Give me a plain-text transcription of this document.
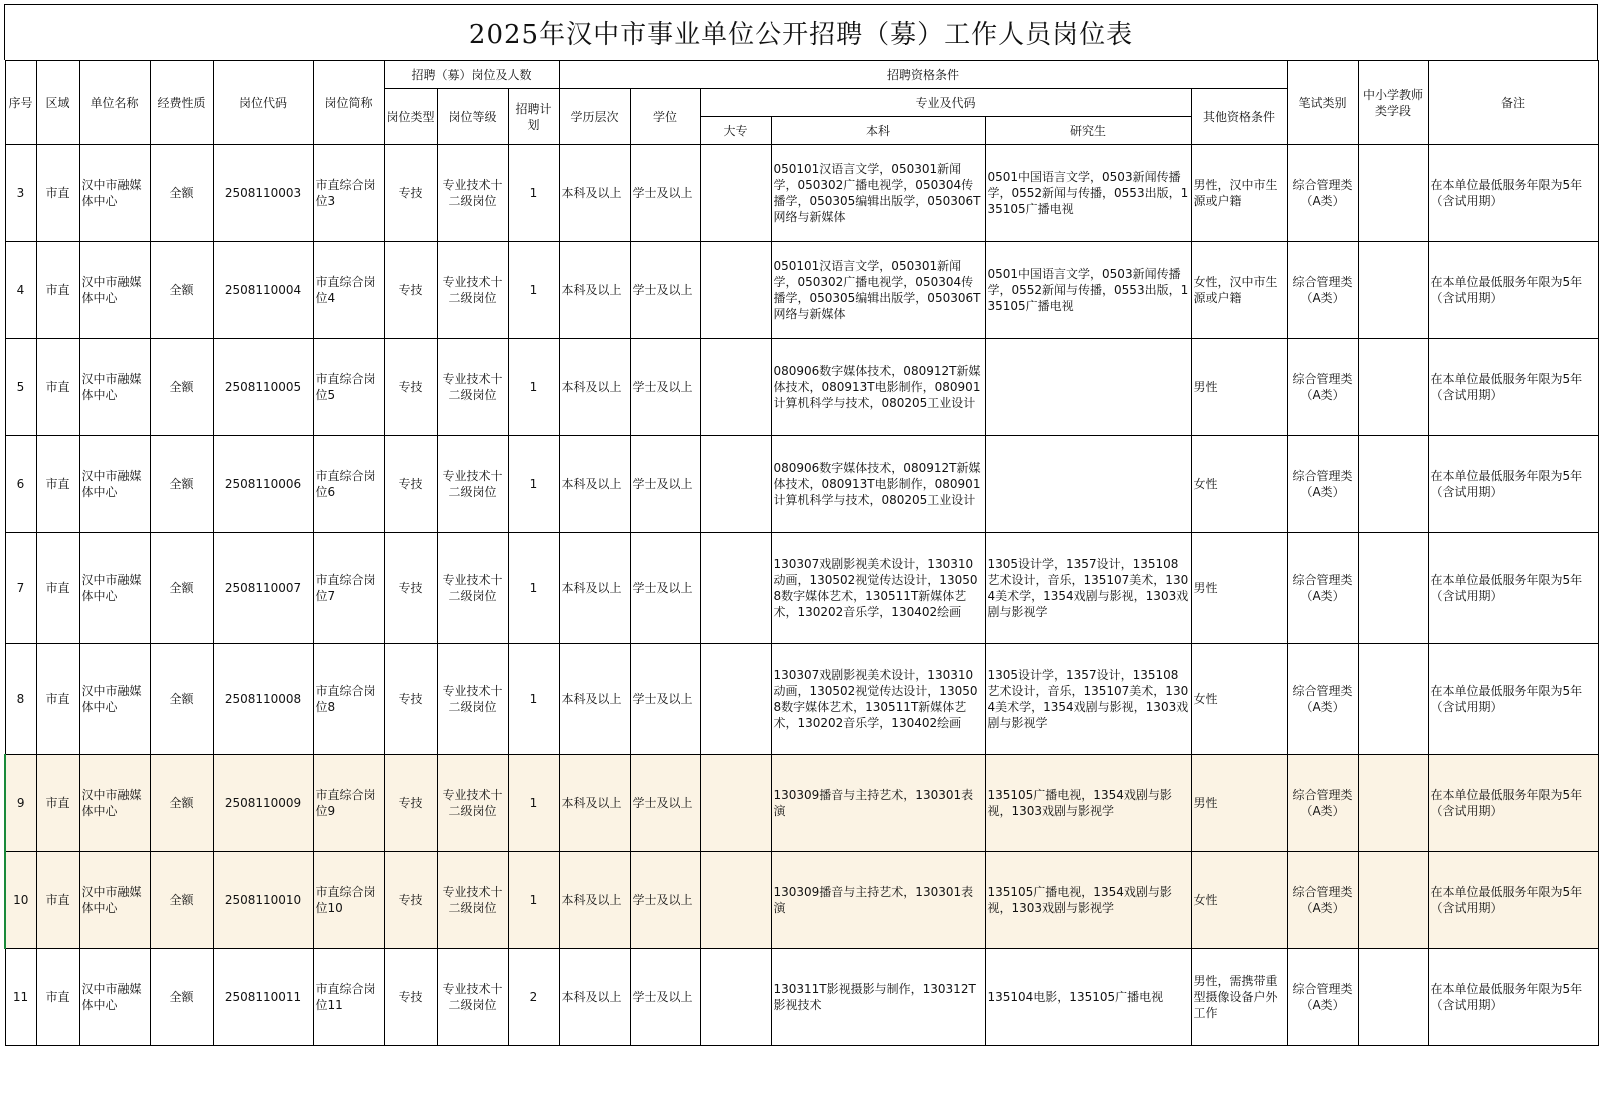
2025年汉中市事业单位公开招聘（募）工作人员岗位表
序号	区域	单位名称	经费性质	岗位代码	岗位简称	招聘（募）岗位及人数			招聘资格条件						笔试类别	中小学教师类学段	备注
						岗位类型	岗位等级	招聘计划	学历层次	学位	专业及代码			其他资格条件			
											大专	本科	研究生				
3	市直	汉中市融媒体中心	全额	2508110003	市直综合岗位3	专技	专业技术十二级岗位	1	本科及以上	学士及以上		050101汉语言文学，050301新闻学，050302广播电视学，050304传播学，050305编辑出版学，050306T网络与新媒体	0501中国语言文学，0503新闻传播学，0552新闻与传播，0553出版，135105广播电视	男性，汉中市生源或户籍	综合管理类（A类）		在本单位最低服务年限为5年（含试用期）
4	市直	汉中市融媒体中心	全额	2508110004	市直综合岗位4	专技	专业技术十二级岗位	1	本科及以上	学士及以上		050101汉语言文学，050301新闻学，050302广播电视学，050304传播学，050305编辑出版学，050306T网络与新媒体	0501中国语言文学，0503新闻传播学，0552新闻与传播，0553出版，135105广播电视	女性，汉中市生源或户籍	综合管理类（A类）		在本单位最低服务年限为5年（含试用期）
5	市直	汉中市融媒体中心	全额	2508110005	市直综合岗位5	专技	专业技术十二级岗位	1	本科及以上	学士及以上		080906数字媒体技术，080912T新媒体技术，080913T电影制作，080901计算机科学与技术，080205工业设计		男性	综合管理类（A类）		在本单位最低服务年限为5年（含试用期）
6	市直	汉中市融媒体中心	全额	2508110006	市直综合岗位6	专技	专业技术十二级岗位	1	本科及以上	学士及以上		080906数字媒体技术，080912T新媒体技术，080913T电影制作，080901计算机科学与技术，080205工业设计		女性	综合管理类（A类）		在本单位最低服务年限为5年（含试用期）
7	市直	汉中市融媒体中心	全额	2508110007	市直综合岗位7	专技	专业技术十二级岗位	1	本科及以上	学士及以上		130307戏剧影视美术设计，130310动画，130502视觉传达设计，130508数字媒体艺术，130511T新媒体艺术，130202音乐学，130402绘画	1305设计学，1357设计，135108艺术设计，音乐，135107美术，1304美术学，1354戏剧与影视，1303戏剧与影视学	男性	综合管理类（A类）		在本单位最低服务年限为5年（含试用期）
8	市直	汉中市融媒体中心	全额	2508110008	市直综合岗位8	专技	专业技术十二级岗位	1	本科及以上	学士及以上		130307戏剧影视美术设计，130310动画，130502视觉传达设计，130508数字媒体艺术，130511T新媒体艺术，130202音乐学，130402绘画	1305设计学，1357设计，135108艺术设计，音乐，135107美术，1304美术学，1354戏剧与影视，1303戏剧与影视学	女性	综合管理类（A类）		在本单位最低服务年限为5年（含试用期）
9	市直	汉中市融媒体中心	全额	2508110009	市直综合岗位9	专技	专业技术十二级岗位	1	本科及以上	学士及以上		130309播音与主持艺术，130301表演	135105广播电视，1354戏剧与影视，1303戏剧与影视学	男性	综合管理类（A类）		在本单位最低服务年限为5年（含试用期）
10	市直	汉中市融媒体中心	全额	2508110010	市直综合岗位10	专技	专业技术十二级岗位	1	本科及以上	学士及以上		130309播音与主持艺术，130301表演	135105广播电视，1354戏剧与影视，1303戏剧与影视学	女性	综合管理类（A类）		在本单位最低服务年限为5年（含试用期）
11	市直	汉中市融媒体中心	全额	2508110011	市直综合岗位11	专技	专业技术十二级岗位	2	本科及以上	学士及以上		130311T影视摄影与制作，130312T影视技术	135104电影，135105广播电视	男性，需携带重型摄像设备户外工作	综合管理类（A类）		在本单位最低服务年限为5年（含试用期）
